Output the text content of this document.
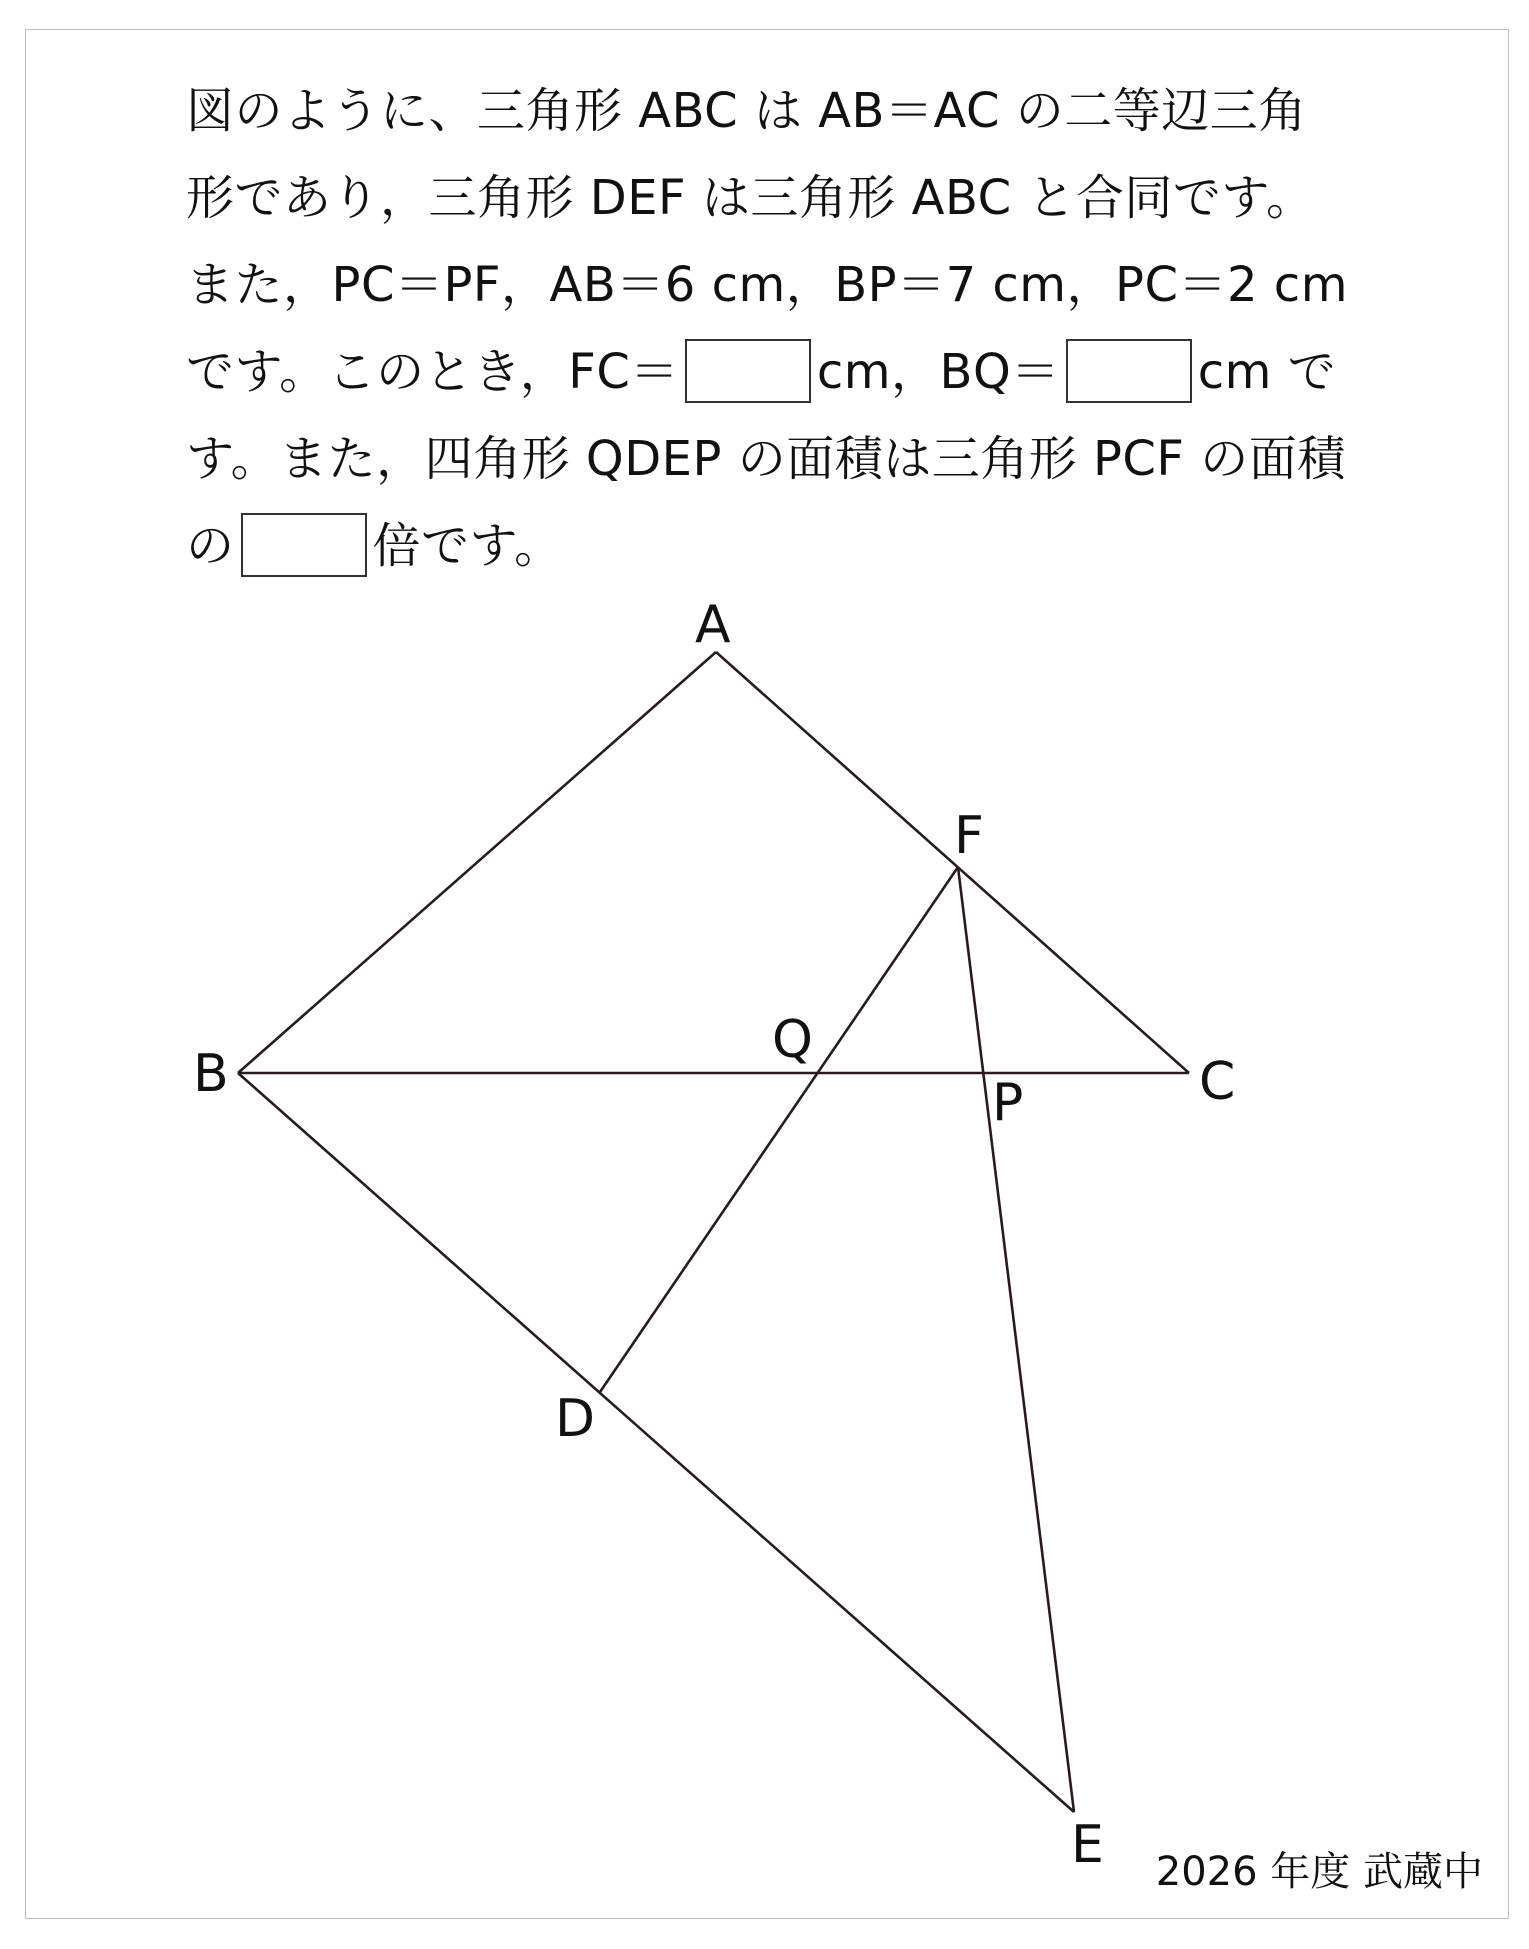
図のように、三角形 ABC は AB＝AC の二等辺三角
形であり，三角形 DEF は三角形 ABC と合同です。
また，PC＝PF，AB＝6 cm，BP＝7 cm，PC＝2 cm
です。このとき，FC＝	cm，BQ＝	cm で
す。また，四角形 QDEP の面積は三角形 PCF の面積
の	倍です。
A
B	C
D
E
F
P
Q
2026 年度 武蔵中
